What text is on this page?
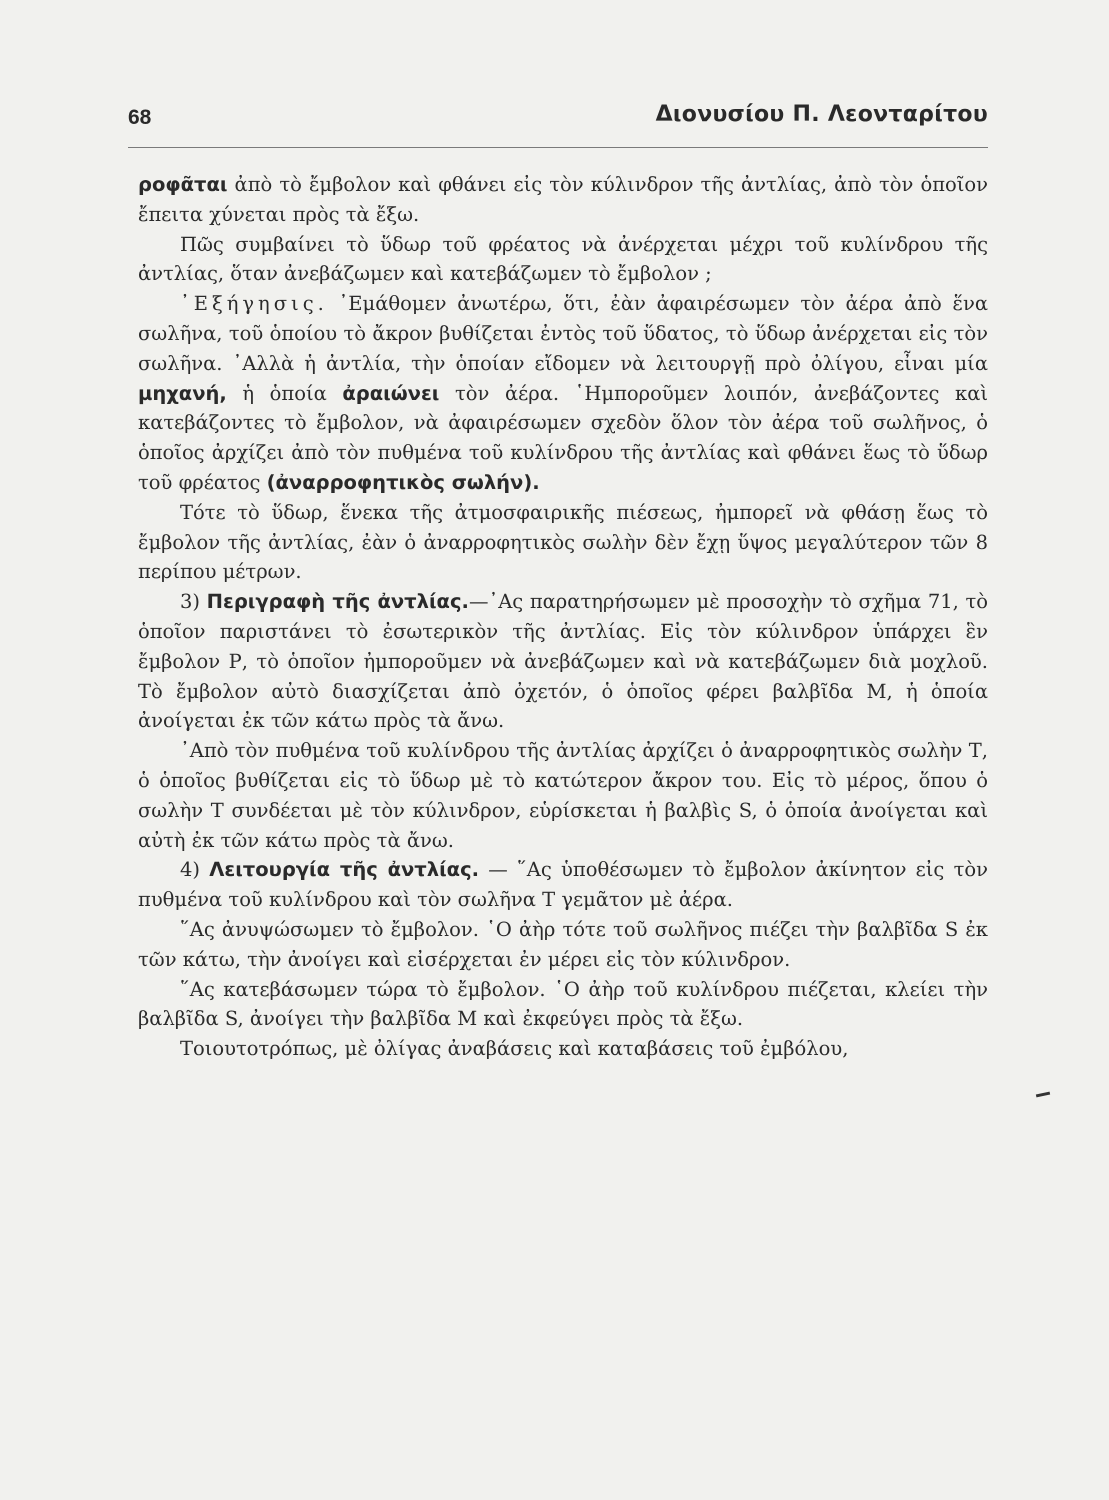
68	Διονυσίου Π. Λεονταρίτου

ροφᾶται ἀπὸ τὸ ἔμβολον καὶ φθάνει εἰς τὸν κύλινδρον τῆς ἀντλίας, ἀπὸ τὸν ὁποῖον ἔπειτα χύνεται πρὸς τὰ ἔξω.

Πῶς συμβαίνει τὸ ὕδωρ τοῦ φρέατος νὰ ἀνέρχεται μέχρι τοῦ κυλίνδρου τῆς ἀντλίας, ὅταν ἀνεβάζωμεν καὶ κατεβάζωμεν τὸ ἔμβολον ;

᾿Εξήγησις. ᾿Εμάθομεν ἀνωτέρω, ὅτι, ἐὰν ἀφαιρέσωμεν τὸν ἀέρα ἀπὸ ἕνα σωλῆνα, τοῦ ὁποίου τὸ ἄκρον βυθίζεται ἐντὸς τοῦ ὕδατος, τὸ ὕδωρ ἀνέρχεται εἰς τὸν σωλῆνα. ᾿Αλλὰ ἡ ἀντλία, τὴν ὁποίαν εἴδομεν νὰ λειτουργῇ πρὸ ὀλίγου, εἶναι μία μηχανή, ἡ ὁποία ἀραιώνει τὸν ἀέρα. ῾Ημποροῦμεν λοιπόν, ἀνεβάζοντες καὶ κατεβάζοντες τὸ ἔμβολον, νὰ ἀφαιρέσωμεν σχεδὸν ὅλον τὸν ἀέρα τοῦ σωλῆνος, ὁ ὁποῖος ἀρχίζει ἀπὸ τὸν πυθμένα τοῦ κυλίνδρου τῆς ἀντλίας καὶ φθάνει ἕως τὸ ὕδωρ τοῦ φρέατος (ἀναρροφητικὸς σωλήν).

Τότε τὸ ὕδωρ, ἕνεκα τῆς ἀτμοσφαιρικῆς πιέσεως, ἠμπορεῖ νὰ φθάσῃ ἕως τὸ ἔμβολον τῆς ἀντλίας, ἐὰν ὁ ἀναρροφητικὸς σωλὴν δὲν ἔχῃ ὕψος μεγαλύτερον τῶν 8 περίπου μέτρων.

3) Περιγραφὴ τῆς ἀντλίας.—᾿Ας παρατηρήσωμεν μὲ προσοχὴν τὸ σχῆμα 71, τὸ ὁποῖον παριστάνει τὸ ἐσωτερικὸν τῆς ἀντλίας. Εἰς τὸν κύλινδρον ὑπάρχει ἓν ἔμβολον Ρ, τὸ ὁποῖον ἠμποροῦμεν νὰ ἀνεβάζωμεν καὶ νὰ κατεβάζωμεν διὰ μοχλοῦ. Τὸ ἔμβολον αὐτὸ διασχίζεται ἀπὸ ὀχετόν, ὁ ὁποῖος φέρει βαλβῖδα Μ, ἡ ὁποία ἀνοίγεται ἐκ τῶν κάτω πρὸς τὰ ἄνω.

᾿Απὸ τὸν πυθμένα τοῦ κυλίνδρου τῆς ἀντλίας ἀρχίζει ὁ ἀναρροφητικὸς σωλὴν Τ, ὁ ὁποῖος βυθίζεται εἰς τὸ ὕδωρ μὲ τὸ κατώτερον ἄκρον του. Εἰς τὸ μέρος, ὅπου ὁ σωλὴν Τ συνδέεται μὲ τὸν κύλινδρον, εὑρίσκεται ἡ βαλβὶς S, ὁ ὁποία ἀνοίγεται καὶ αὐτὴ ἐκ τῶν κάτω πρὸς τὰ ἄνω.

4) Λειτουργία τῆς ἀντλίας. — ῞Ας ὑποθέσωμεν τὸ ἔμβολον ἀκίνητον εἰς τὸν πυθμένα τοῦ κυλίνδρου καὶ τὸν σωλῆνα Τ γεμᾶτον μὲ ἀέρα.

῞Ας ἀνυψώσωμεν τὸ ἔμβολον. ῾Ο ἀὴρ τότε τοῦ σωλῆνος πιέζει τὴν βαλβῖδα S ἐκ τῶν κάτω, τὴν ἀνοίγει καὶ εἰσέρχεται ἐν μέρει εἰς τὸν κύλινδρον.

῞Ας κατεβάσωμεν τώρα τὸ ἔμβολον. ῾Ο ἀὴρ τοῦ κυλίνδρου πιέζεται, κλείει τὴν βαλβῖδα S, ἀνοίγει τὴν βαλβῖδα Μ καὶ ἐκφεύγει πρὸς τὰ ἔξω.

Τοιουτοτρόπως, μὲ ὀλίγας ἀναβάσεις καὶ καταβάσεις τοῦ ἐμβόλου,
